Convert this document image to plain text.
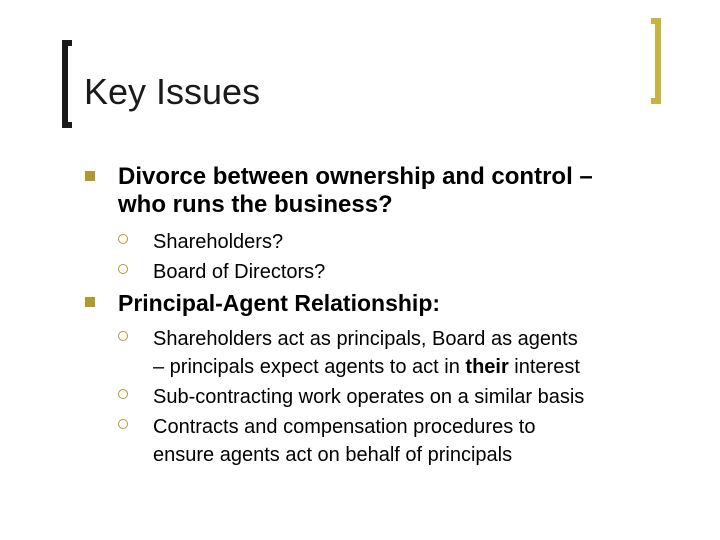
Key Issues
Divorce between ownership and control –
who runs the business?
Shareholders?
Board of Directors?
Principal-Agent Relationship:
Shareholders act as principals, Board as agents
– principals expect agents to act in their interest
Sub-contracting work operates on a similar basis
Contracts and compensation procedures to
ensure agents act on behalf of principals
